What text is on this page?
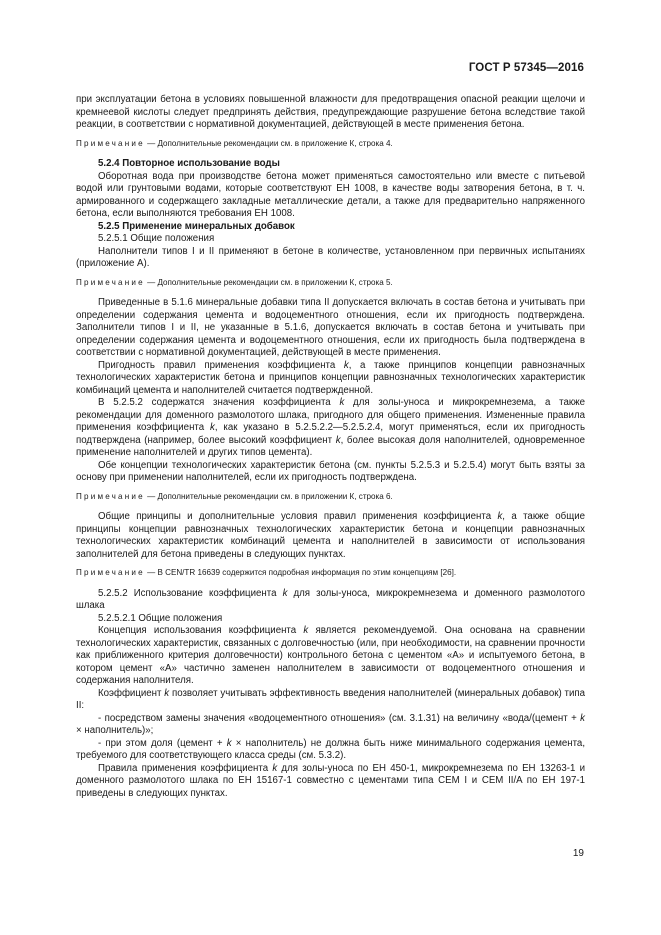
ГОСТ Р 57345—2016

при эксплуатации бетона в условиях повышенной влажности для предотвращения опасной реакции щелочи и кремнеевой кислоты следует предпринять действия, предупреждающие разрушение бетона вследствие такой реакции, в соответствии с нормативной документацией, действующей в месте применения бетона.

Примечание — Дополнительные рекомендации см. в приложение К, строка 4.

5.2.4 Повторное использование воды

Оборотная вода при производстве бетона может применяться самостоятельно или вместе с питьевой водой или грунтовыми водами, которые соответствуют ЕН 1008, в качестве воды затворения бетона, в т. ч. армированного и содержащего закладные металлические детали, а также для предварительно напряженного бетона, если выполняются требования ЕН 1008.

5.2.5 Применение минеральных добавок

5.2.5.1 Общие положения

Наполнители типов I и II применяют в бетоне в количестве, установленном при первичных испытаниях (приложение А).

Примечание — Дополнительные рекомендации см. в приложении К, строка 5.

Приведенные в 5.1.6 минеральные добавки типа II допускается включать в состав бетона и учитывать при определении содержания цемента и водоцементного отношения, если их пригодность подтверждена. Заполнители типов I и II, не указанные в 5.1.6, допускается включать в состав бетона и учитывать при определении содержания цемента и водоцементного отношения, если их пригодность была подтверждена в соответствии с нормативной документацией, действующей в месте применения.

Пригодность правил применения коэффициента k, а также принципов концепции равнозначных технологических характеристик бетона и принципов концепции равнозначных технологических характеристик комбинаций цемента и наполнителей считается подтвержденной.

В 5.2.5.2 содержатся значения коэффициента k для золы-уноса и микрокремнезема, а также рекомендации для доменного размолотого шлака, пригодного для общего применения. Измененные правила применения коэффициента k, как указано в 5.2.5.2.2—5.2.5.2.4, могут применяться, если их пригодность подтверждена (например, более высокий коэффициент k, более высокая доля наполнителей, одновременное применение наполнителей и других типов цемента).

Обе концепции технологических характеристик бетона (см. пункты 5.2.5.3 и 5.2.5.4) могут быть взяты за основу при применении наполнителей, если их пригодность подтверждена.

Примечание — Дополнительные рекомендации см. в приложении К, строка 6.

Общие принципы и дополнительные условия правил применения коэффициента k, а также общие принципы концепции равнозначных технологических характеристик бетона и концепции равнозначных технологических характеристик комбинаций цемента и наполнителей в зависимости от использования заполнителей для бетона приведены в следующих пунктах.

Примечание — В CEN/TR 16639 содержится подробная информация по этим концепциям [26].

5.2.5.2 Использование коэффициента k для золы-уноса, микрокремнезема и доменного размолотого шлака

5.2.5.2.1 Общие положения

Концепция использования коэффициента k является рекомендуемой. Она основана на сравнении технологических характеристик, связанных с долговечностью (или, при необходимости, на сравнении прочности как приближенного критерия долговечности) контрольного бетона с цементом «А» и испытуемого бетона, в котором цемент «А» частично заменен наполнителем в зависимости от водоцементного отношения и содержания наполнителя.

Коэффициент k позволяет учитывать эффективность введения наполнителей (минеральных добавок) типа II:

- посредством замены значения «водоцементного отношения» (см. 3.1.31) на величину «вода/(цемент + k × наполнитель)»;

- при этом доля (цемент + k × наполнитель) не должна быть ниже минимального содержания цемента, требуемого для соответствующего класса среды (см. 5.3.2).

Правила применения коэффициента k для золы-уноса по ЕН 450-1, микрокремнезема по ЕН 13263-1 и доменного размолотого шлака по ЕН 15167-1 совместно с цементами типа CEM I и CEM II/A по ЕН 197-1 приведены в следующих пунктах.

19
